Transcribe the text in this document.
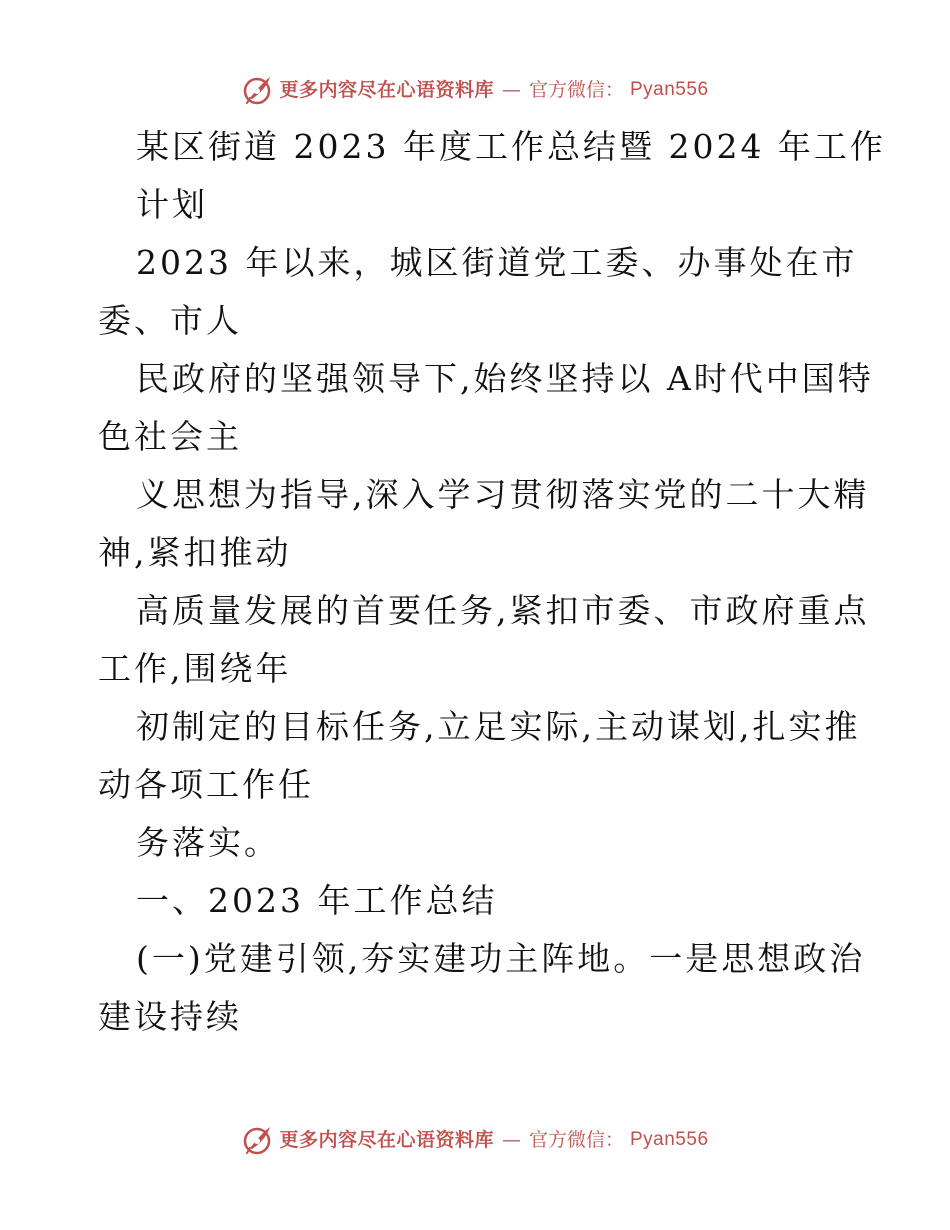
更多内容尽在心语资料库 — 官方微信： Pyan556
某区街道 2023 年度工作总结暨 2024 年工作
计划
2023 年以来，城区街道党工委、办事处在市
委、市人
民政府的坚强领导下,始终坚持以 A时代中国特
色社会主
义思想为指导,深入学习贯彻落实党的二十大精
神,紧扣推动
高质量发展的首要任务,紧扣市委、市政府重点
工作,围绕年
初制定的目标任务,立足实际,主动谋划,扎实推
动各项工作任
务落实。
一、2023 年工作总结
(一)党建引领,夯实建功主阵地。一是思想政治
建设持续
更多内容尽在心语资料库 — 官方微信： Pyan556
